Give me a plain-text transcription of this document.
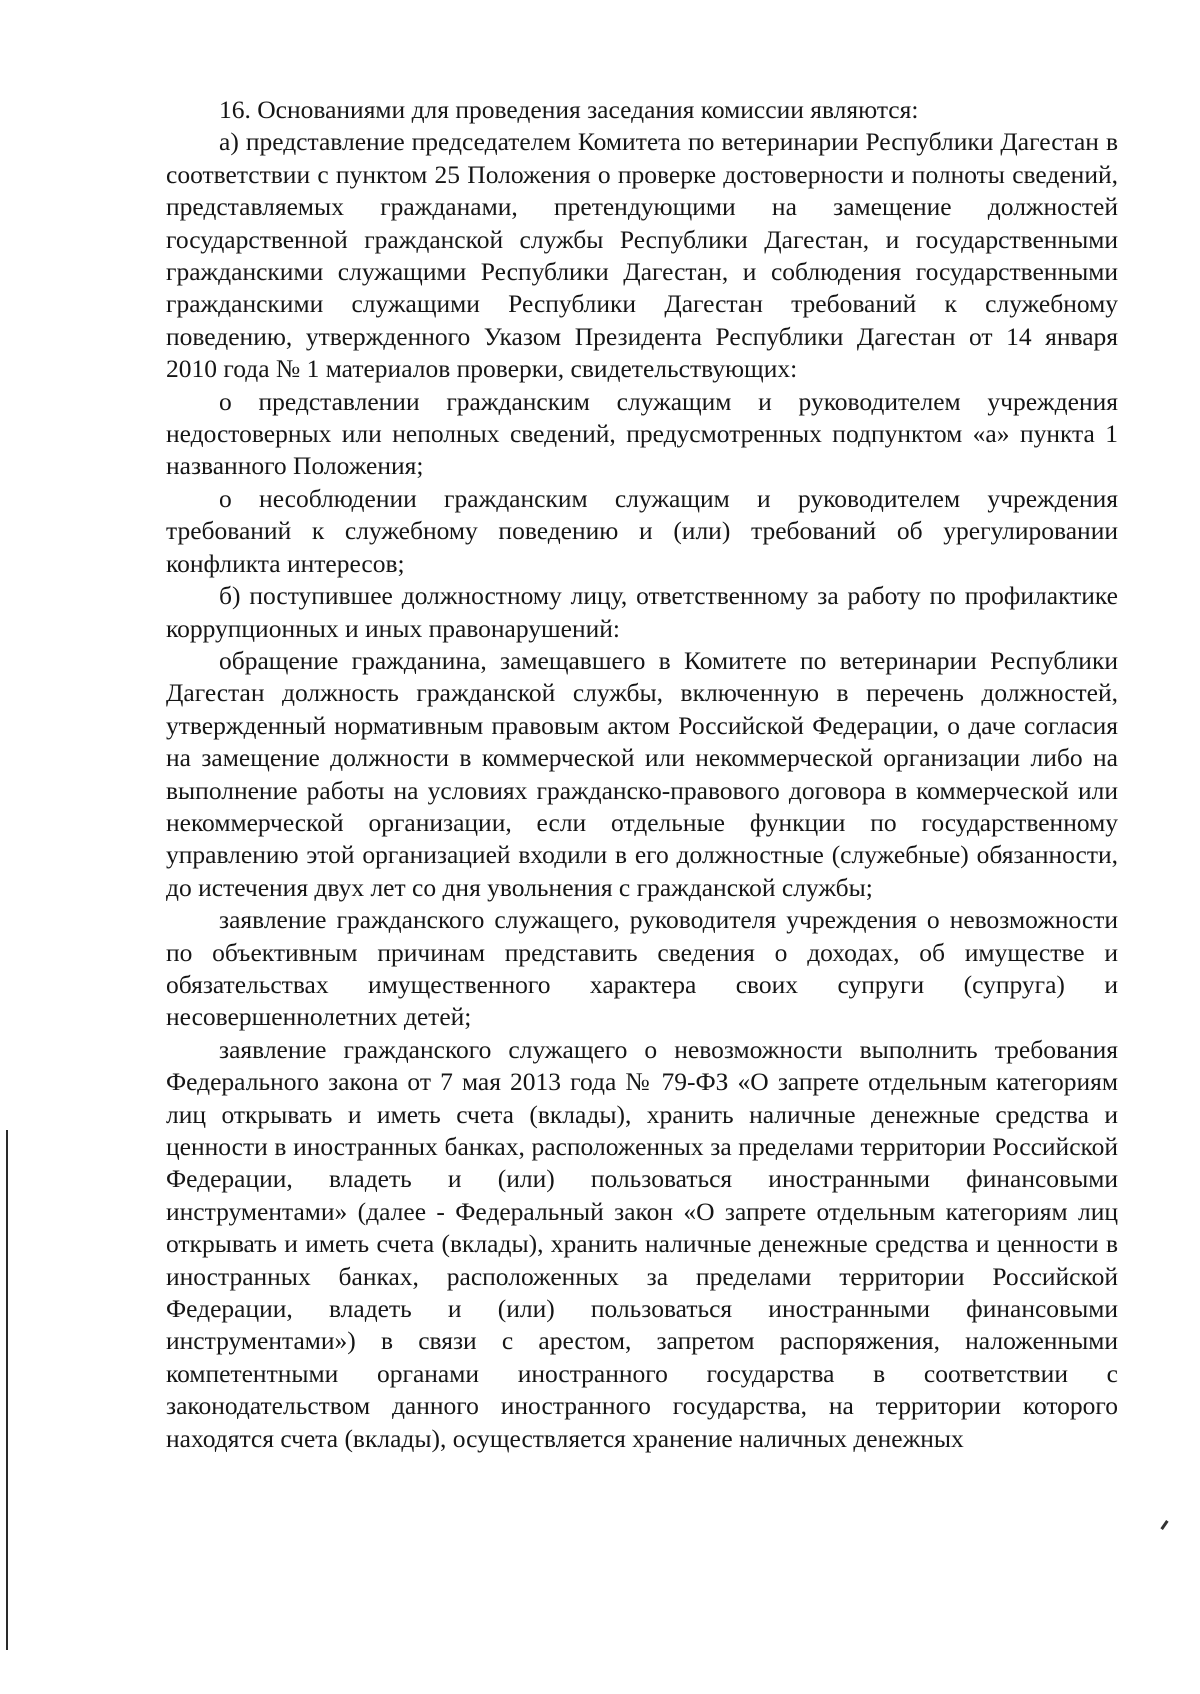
16. Основаниями для проведения заседания комиссии являются:

а) представление председателем Комитета по ветеринарии Республики Дагестан в соответствии с пунктом 25 Положения о проверке достоверности и полноты сведений, представляемых гражданами, претендующими на замещение должностей государственной гражданской службы Республики Дагестан, и государственными гражданскими служащими Республики Дагестан, и соблюдения государственными гражданскими служащими Республики Дагестан требований к служебному поведению, утвержденного Указом Президента Республики Дагестан от 14 января 2010 года № 1 материалов проверки, свидетельствующих:

о представлении гражданским служащим и руководителем учреждения недостоверных или неполных сведений, предусмотренных подпунктом «а» пункта 1 названного Положения;

о несоблюдении гражданским служащим и руководителем учреждения требований к служебному поведению и (или) требований об урегулировании конфликта интересов;

б) поступившее должностному лицу, ответственному за работу по профилактике коррупционных и иных правонарушений:

обращение гражданина, замещавшего в Комитете по ветеринарии Республики Дагестан должность гражданской службы, включенную в перечень должностей, утвержденный нормативным правовым актом Российской Федерации, о даче согласия на замещение должности в коммерческой или некоммерческой организации либо на выполнение работы на условиях гражданско-правового договора в коммерческой или некоммерческой организации, если отдельные функции по государственному управлению этой организацией входили в его должностные (служебные) обязанности, до истечения двух лет со дня увольнения с гражданской службы;

заявление гражданского служащего, руководителя учреждения о невозможности по объективным причинам представить сведения о доходах, об имуществе и обязательствах имущественного характера своих супруги (супруга) и несовершеннолетних детей;

заявление гражданского служащего о невозможности выполнить требования Федерального закона от 7 мая 2013 года № 79-ФЗ «О запрете отдельным категориям лиц открывать и иметь счета (вклады), хранить наличные денежные средства и ценности в иностранных банках, расположенных за пределами территории Российской Федерации, владеть и (или) пользоваться иностранными финансовыми инструментами» (далее - Федеральный закон «О запрете отдельным категориям лиц открывать и иметь счета (вклады), хранить наличные денежные средства и ценности в иностранных банках, расположенных за пределами территории Российской Федерации, владеть и (или) пользоваться иностранными финансовыми инструментами») в связи с арестом, запретом распоряжения, наложенными компетентными органами иностранного государства в соответствии с законодательством данного иностранного государства, на территории которого находятся счета (вклады), осуществляется хранение наличных денежных
